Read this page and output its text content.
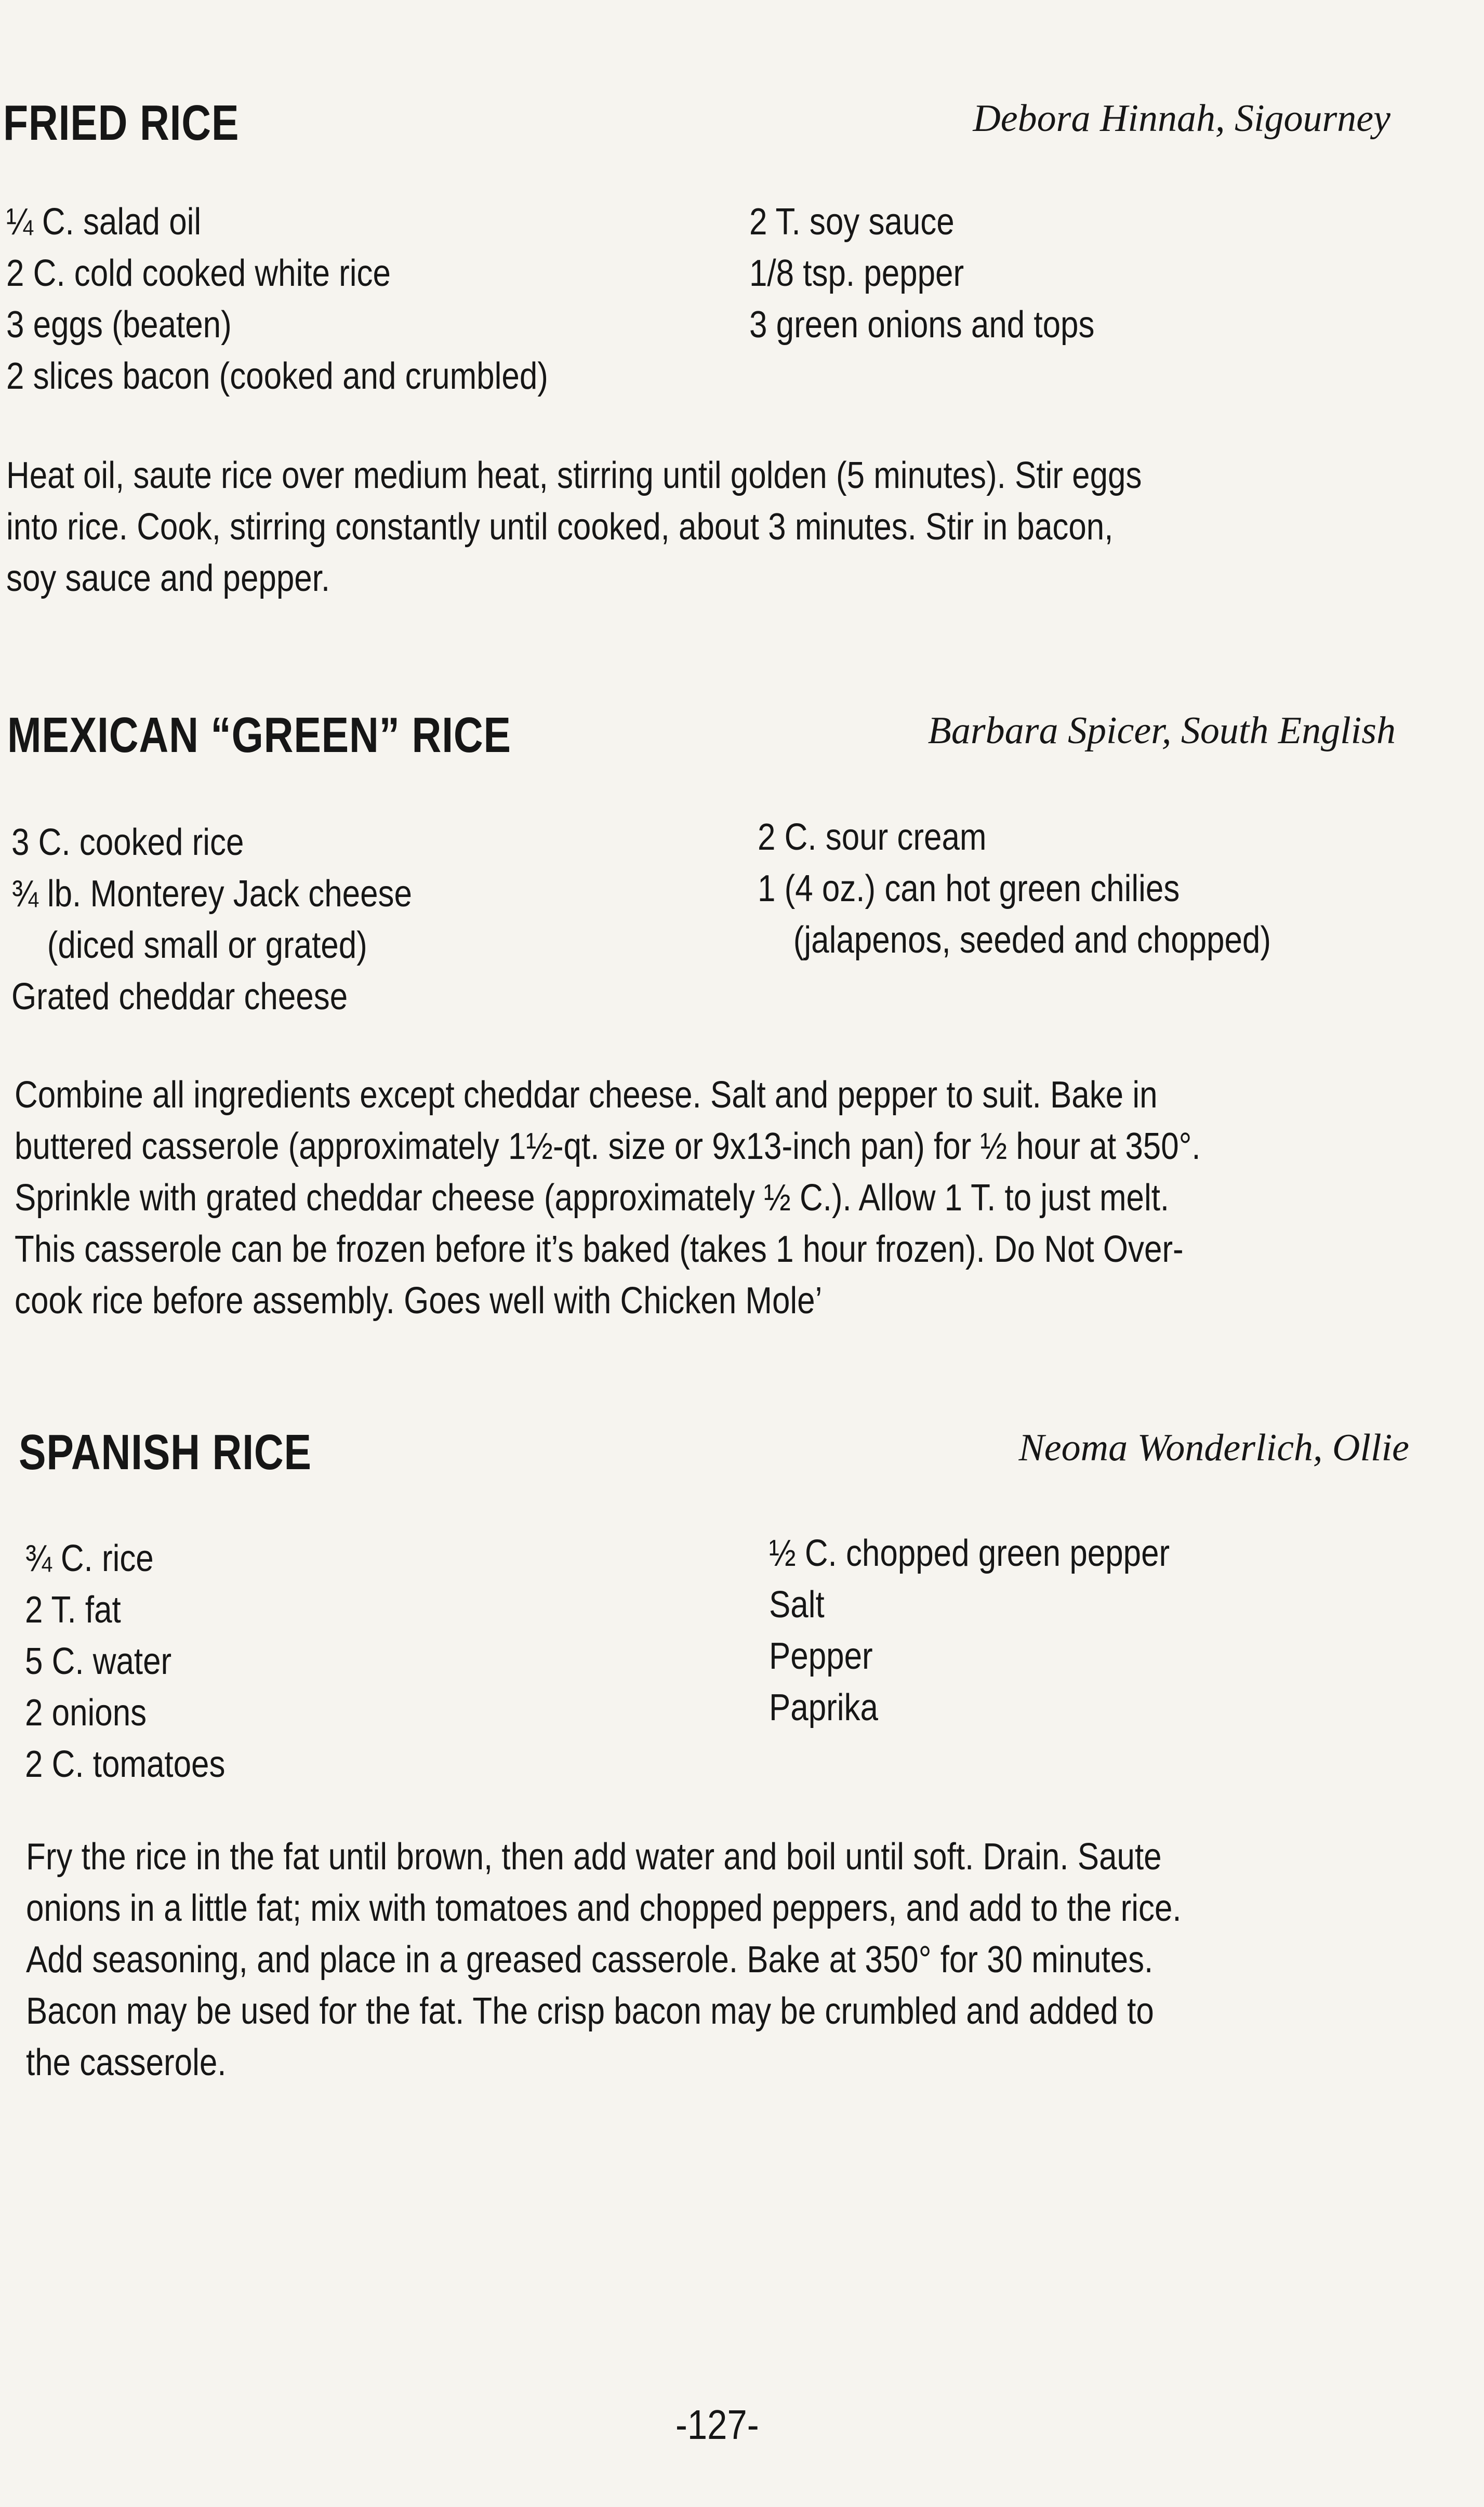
FRIED RICE	Debora Hinnah, Sigourney
¼ C. salad oil
2 C. cold cooked white rice
3 eggs (beaten)
2 slices bacon (cooked and crumbled)
2 T. soy sauce
1/8 tsp. pepper
3 green onions and tops
Heat oil, saute rice over medium heat, stirring until golden (5 minutes). Stir eggs
into rice. Cook, stirring constantly until cooked, about 3 minutes. Stir in bacon,
soy sauce and pepper.
MEXICAN “GREEN” RICE	Barbara Spicer, South English
3 C. cooked rice
¾ lb. Monterey Jack cheese
(diced small or grated)
Grated cheddar cheese
2 C. sour cream
1 (4 oz.) can hot green chilies
(jalapenos, seeded and chopped)
Combine all ingredients except cheddar cheese. Salt and pepper to suit. Bake in
buttered casserole (approximately 1½-qt. size or 9x13-inch pan) for ½ hour at 350°.
Sprinkle with grated cheddar cheese (approximately ½ C.). Allow 1 T. to just melt.
This casserole can be frozen before it’s baked (takes 1 hour frozen). Do Not Over-
cook rice before assembly. Goes well with Chicken Mole’
SPANISH RICE	Neoma Wonderlich, Ollie
¾ C. rice
2 T. fat
5 C. water
2 onions
2 C. tomatoes
½ C. chopped green pepper
Salt
Pepper
Paprika
Fry the rice in the fat until brown, then add water and boil until soft. Drain. Saute
onions in a little fat; mix with tomatoes and chopped peppers, and add to the rice.
Add seasoning, and place in a greased casserole. Bake at 350° for 30 minutes.
Bacon may be used for the fat. The crisp bacon may be crumbled and added to
the casserole.
-127-
